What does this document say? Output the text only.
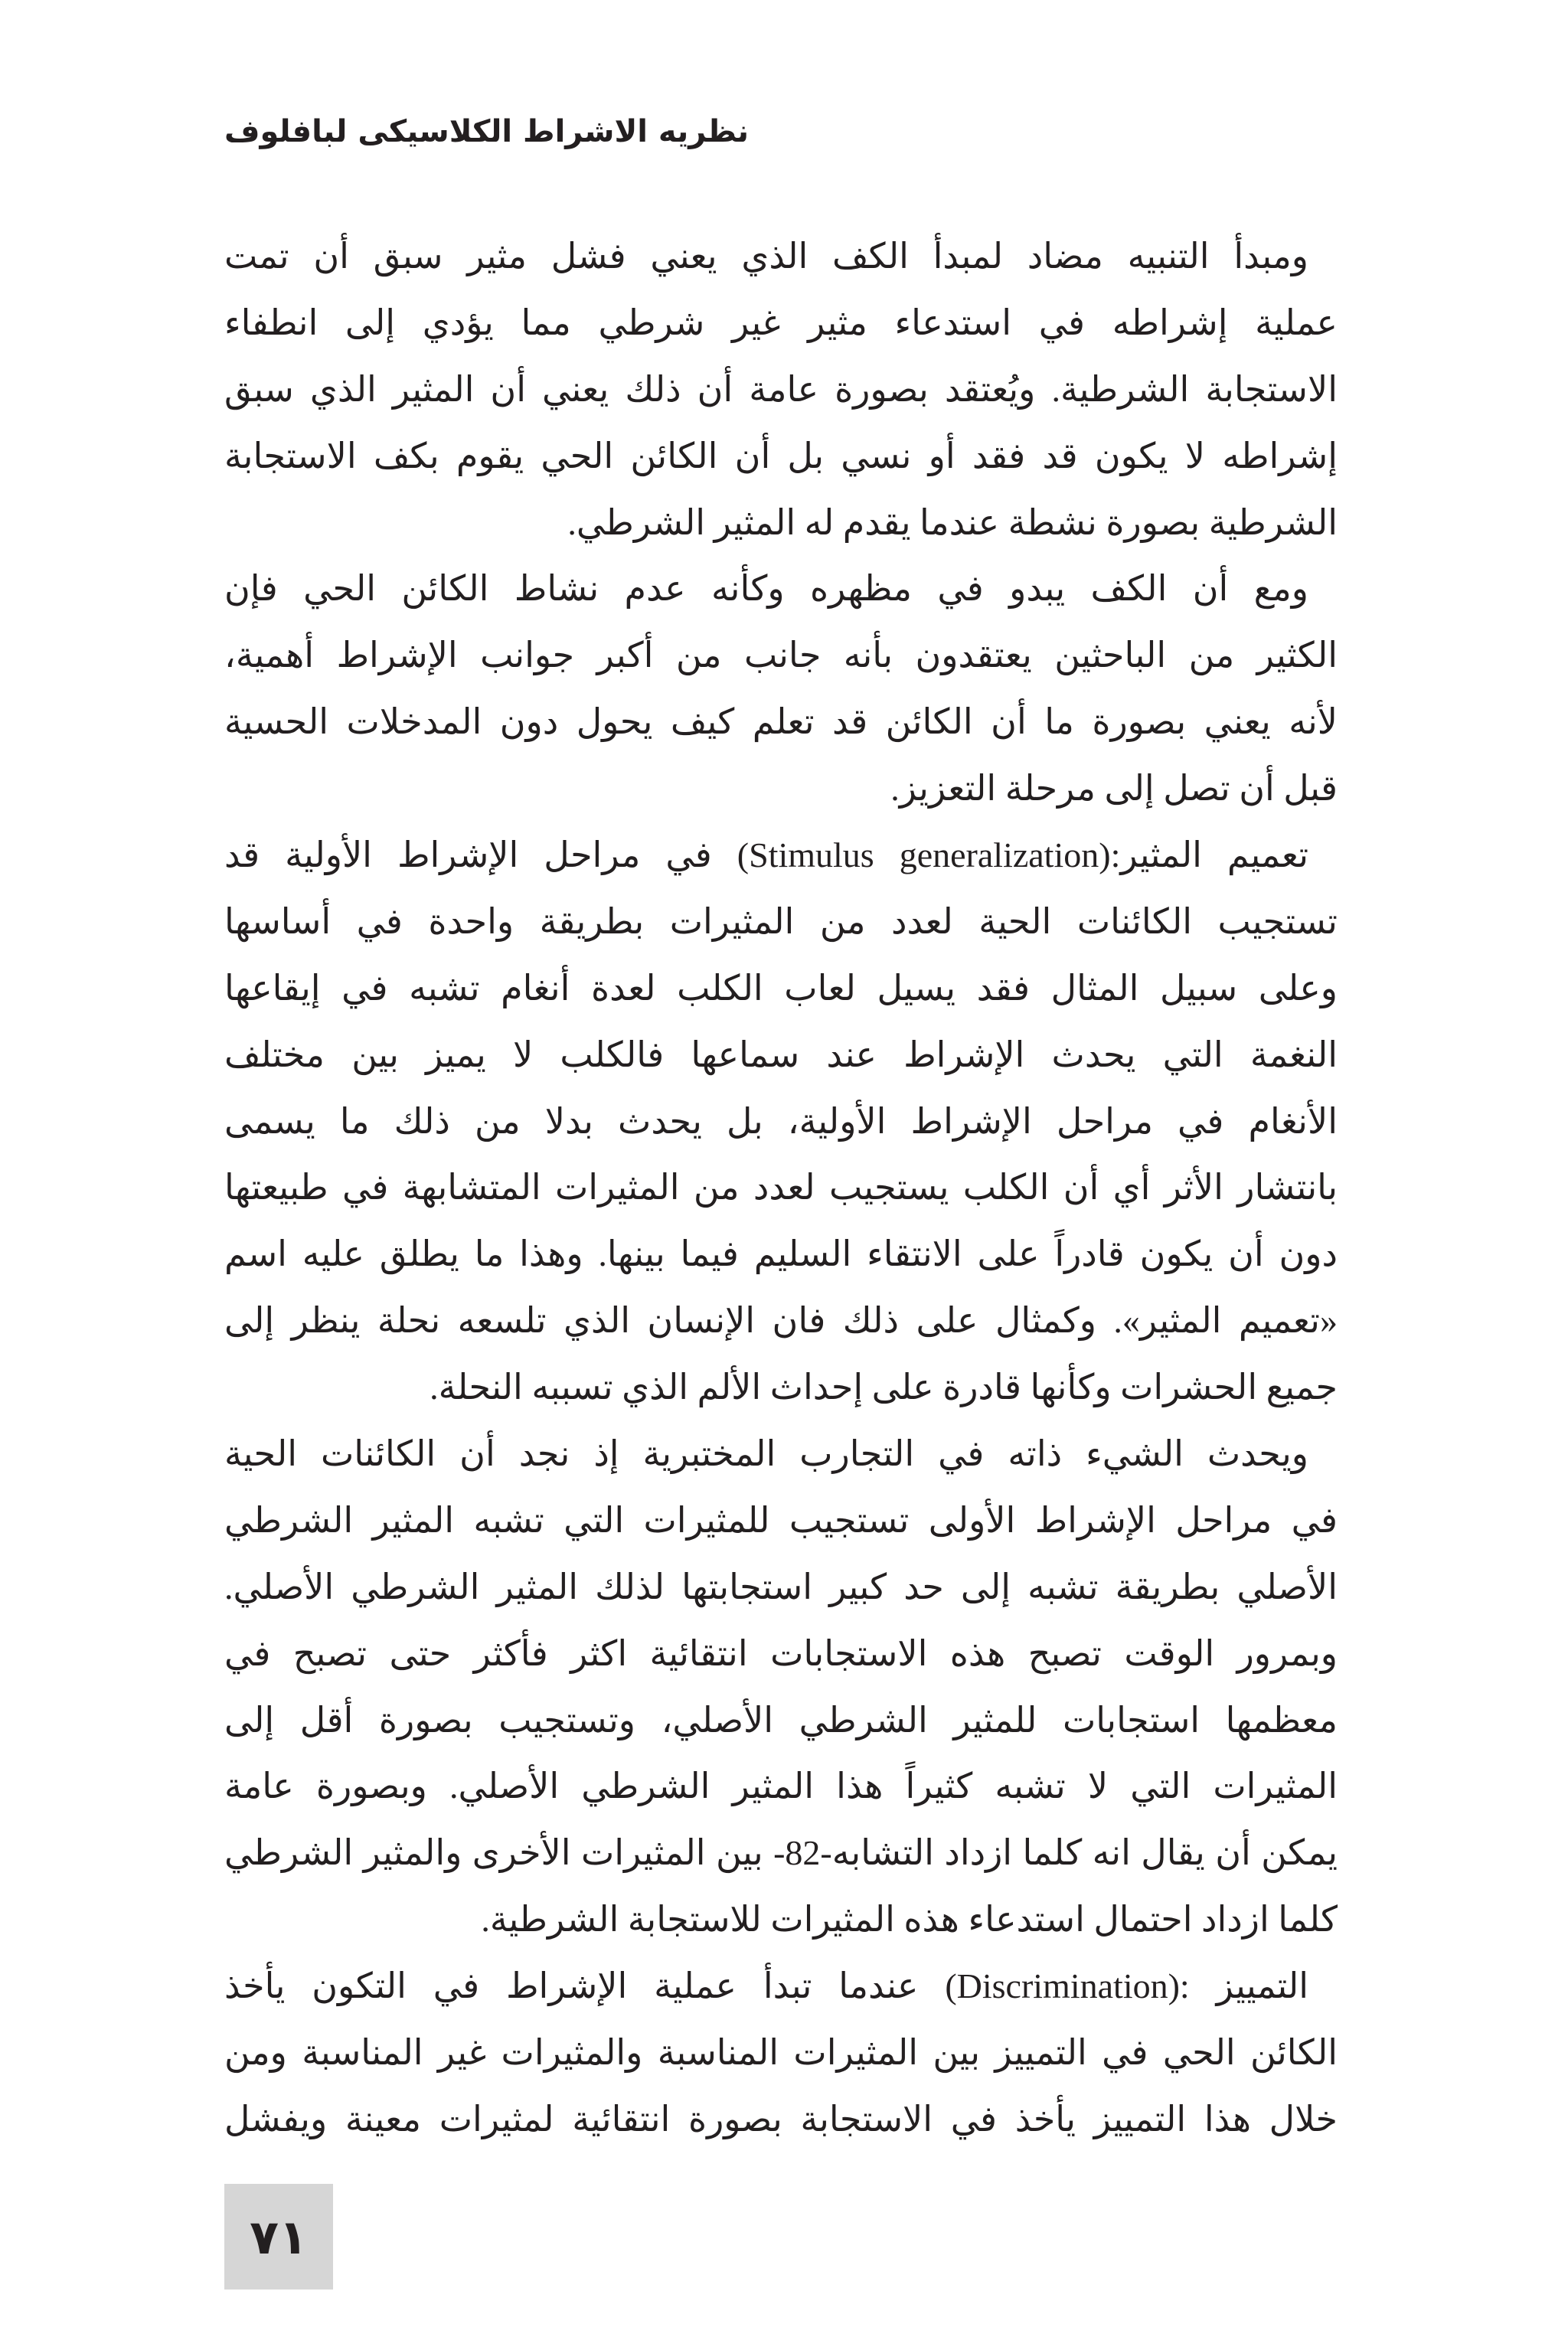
نظريه الاشراط الكلاسيكى لبافلوف
ومبدأ التنبيه مضاد لمبدأ الكف الذي يعني فشل مثير سبق أن تمت
عملية إشراطه في استدعاء مثير غير شرطي مما يؤدي إلى انطفاء
الاستجابة الشرطية. ويُعتقد بصورة عامة أن ذلك يعني أن المثير الذي سبق
إشراطه لا يكون قد فقد أو نسي بل أن الكائن الحي يقوم بكف الاستجابة
الشرطية بصورة نشطة عندما يقدم له المثير الشرطي.
ومع أن الكف يبدو في مظهره وكأنه عدم نشاط الكائن الحي فإن
الكثير من الباحثين يعتقدون بأنه جانب من أكبر جوانب الإشراط أهمية،
لأنه يعني بصورة ما أن الكائن قد تعلم كيف يحول دون المدخلات الحسية
قبل أن تصل إلى مرحلة التعزيز.
تعميم المثير:(Stimulus generalization) في مراحل الإشراط الأولية قد
تستجيب الكائنات الحية لعدد من المثيرات بطريقة واحدة في أساسها
وعلى سبيل المثال فقد يسيل لعاب الكلب لعدة أنغام تشبه في إيقاعها
النغمة التي يحدث الإشراط عند سماعها فالكلب لا يميز بين مختلف
الأنغام في مراحل الإشراط الأولية، بل يحدث بدلا من ذلك ما يسمى
بانتشار الأثر أي أن الكلب يستجيب لعدد من المثيرات المتشابهة في طبيعتها
دون أن يكون قادراً على الانتقاء السليم فيما بينها. وهذا ما يطلق عليه اسم
«تعميم المثير». وكمثال على ذلك فان الإنسان الذي تلسعه نحلة ينظر إلى
جميع الحشرات وكأنها قادرة على إحداث الألم الذي تسببه النحلة.
ويحدث الشيء ذاته في التجارب المختبرية إذ نجد أن الكائنات الحية
في مراحل الإشراط الأولى تستجيب للمثيرات التي تشبه المثير الشرطي
الأصلي بطريقة تشبه إلى حد كبير استجابتها لذلك المثير الشرطي الأصلي.
وبمرور الوقت تصبح هذه الاستجابات انتقائية اكثر فأكثر حتى تصبح في
معظمها استجابات للمثير الشرطي الأصلي، وتستجيب بصورة أقل إلى
المثيرات التي لا تشبه كثيراً هذا المثير الشرطي الأصلي. وبصورة عامة
يمكن أن يقال انه كلما ازداد التشابه-82- بين المثيرات الأخرى والمثير الشرطي
كلما ازداد احتمال استدعاء هذه المثيرات للاستجابة الشرطية.
التمييز :(Discrimination) عندما تبدأ عملية الإشراط في التكون يأخذ
الكائن الحي في التمييز بين المثيرات المناسبة والمثيرات غير المناسبة ومن
خلال هذا التمييز يأخذ في الاستجابة بصورة انتقائية لمثيرات معينة ويفشل
٧١
